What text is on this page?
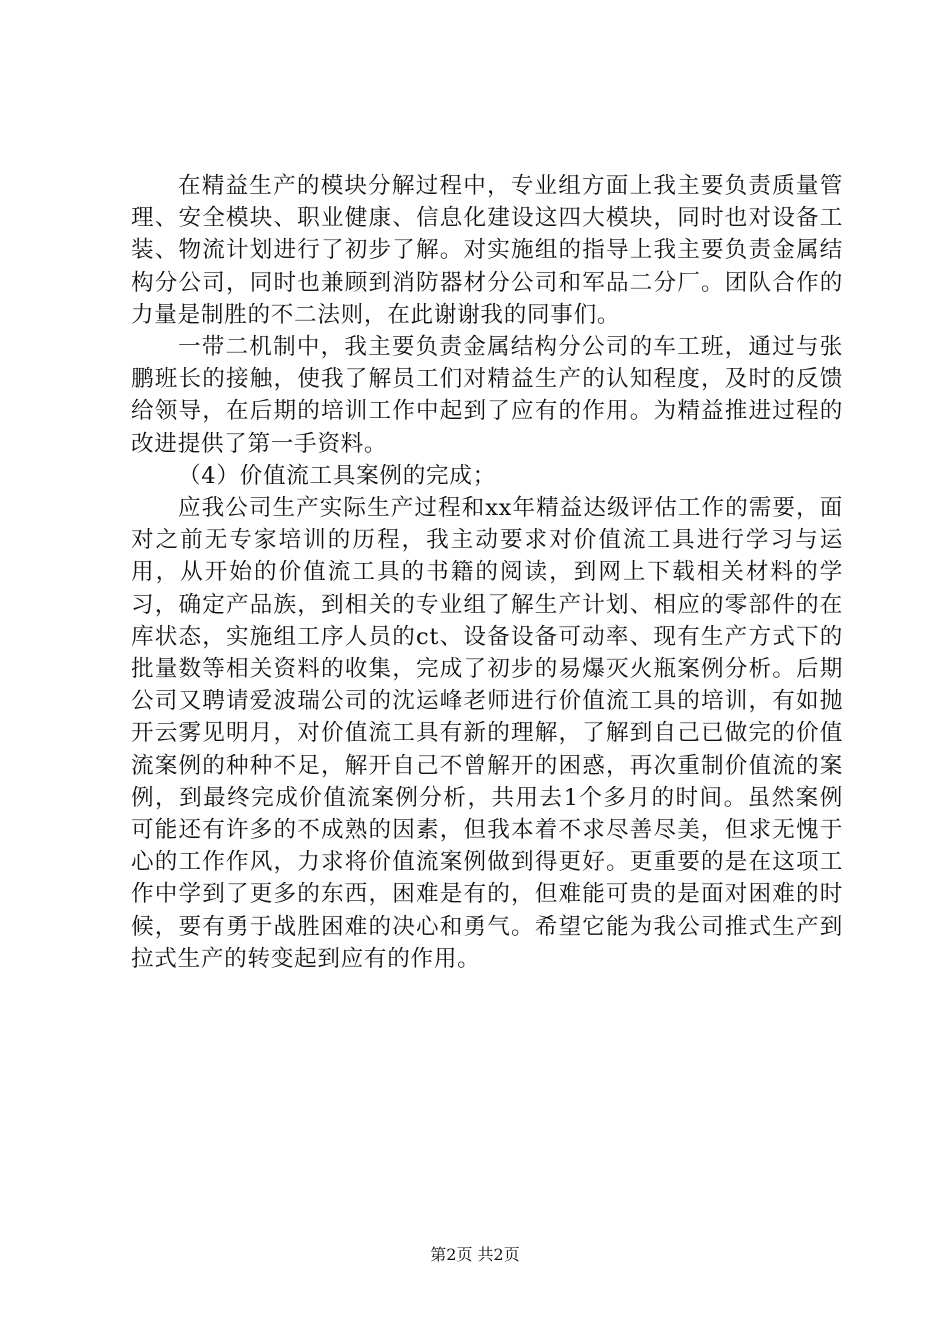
在精益生产的模块分解过程中，专业组方面上我主要负责质量管理、安全模块、职业健康、信息化建设这四大模块，同时也对设备工装、物流计划进行了初步了解。对实施组的指导上我主要负责金属结构分公司，同时也兼顾到消防器材分公司和军品二分厂。团队合作的力量是制胜的不二法则，在此谢谢我的同事们。

一带二机制中，我主要负责金属结构分公司的车工班，通过与张鹏班长的接触，使我了解员工们对精益生产的认知程度，及时的反馈给领导，在后期的培训工作中起到了应有的作用。为精益推进过程的改进提供了第一手资料。

（4）价值流工具案例的完成；

应我公司生产实际生产过程和xx年精益达级评估工作的需要，面对之前无专家培训的历程，我主动要求对价值流工具进行学习与运用，从开始的价值流工具的书籍的阅读，到网上下载相关材料的学习，确定产品族，到相关的专业组了解生产计划、相应的零部件的在库状态，实施组工序人员的ct、设备设备可动率、现有生产方式下的批量数等相关资料的收集，完成了初步的易爆灭火瓶案例分析。后期公司又聘请爱波瑞公司的沈运峰老师进行价值流工具的培训，有如抛开云雾见明月，对价值流工具有新的理解，了解到自己已做完的价值流案例的种种不足，解开自己不曾解开的困惑，再次重制价值流的案例，到最终完成价值流案例分析，共用去1个多月的时间。虽然案例可能还有许多的不成熟的因素，但我本着不求尽善尽美，但求无愧于心的工作作风，力求将价值流案例做到得更好。更重要的是在这项工作中学到了更多的东西，困难是有的，但难能可贵的是面对困难的时候，要有勇于战胜困难的决心和勇气。希望它能为我公司推式生产到拉式生产的转变起到应有的作用。

第2页 共2页
